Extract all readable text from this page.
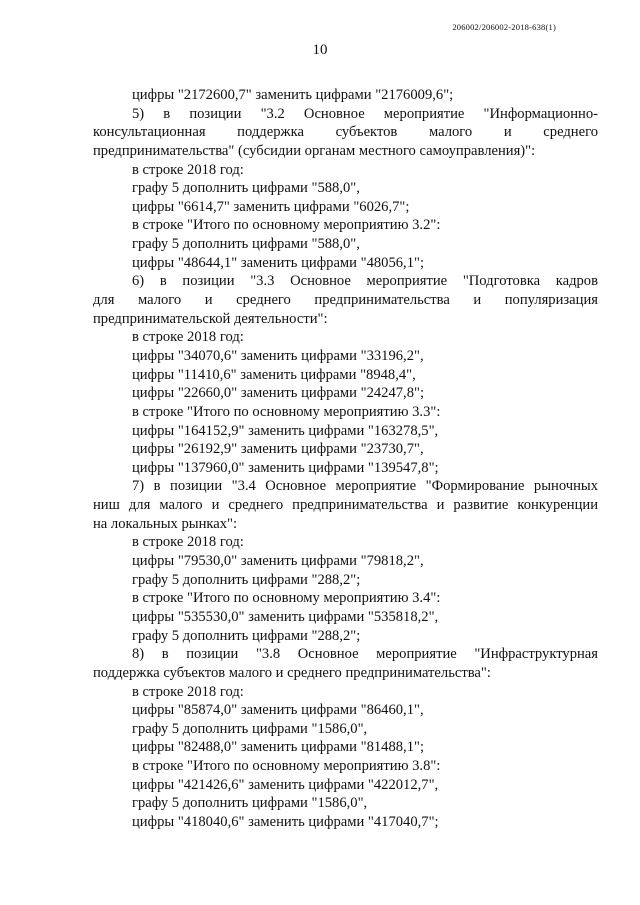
206002/206002-2018-638(1)
10
цифры "2172600,7" заменить цифрами "2176009,6";
5) в позиции "3.2 Основное мероприятие "Информационно-
консультационная поддержка субъектов малого и среднего
предпринимательства" (субсидии органам местного самоуправления)":
в строке 2018 год:
графу 5 дополнить цифрами "588,0",
цифры "6614,7" заменить цифрами "6026,7";
в строке "Итого по основному мероприятию 3.2":
графу 5 дополнить цифрами "588,0",
цифры "48644,1" заменить цифрами "48056,1";
6) в позиции "3.3 Основное мероприятие "Подготовка кадров
для малого и среднего предпринимательства и популяризация
предпринимательской деятельности":
в строке 2018 год:
цифры "34070,6" заменить цифрами "33196,2",
цифры "11410,6" заменить цифрами "8948,4",
цифры "22660,0" заменить цифрами "24247,8";
в строке "Итого по основному мероприятию 3.3":
цифры "164152,9" заменить цифрами "163278,5",
цифры "26192,9" заменить цифрами "23730,7",
цифры "137960,0" заменить цифрами "139547,8";
7) в позиции "3.4 Основное мероприятие "Формирование рыночных
ниш для малого и среднего предпринимательства и развитие конкуренции
на локальных рынках":
в строке 2018 год:
цифры "79530,0" заменить цифрами "79818,2",
графу 5 дополнить цифрами "288,2";
в строке "Итого по основному мероприятию 3.4":
цифры "535530,0" заменить цифрами "535818,2",
графу 5 дополнить цифрами "288,2";
8) в позиции "3.8 Основное мероприятие "Инфраструктурная
поддержка субъектов малого и среднего предпринимательства":
в строке 2018 год:
цифры "85874,0" заменить цифрами "86460,1",
графу 5 дополнить цифрами "1586,0",
цифры "82488,0" заменить цифрами "81488,1";
в строке "Итого по основному мероприятию 3.8":
цифры "421426,6" заменить цифрами "422012,7",
графу 5 дополнить цифрами "1586,0",
цифры "418040,6" заменить цифрами "417040,7";
